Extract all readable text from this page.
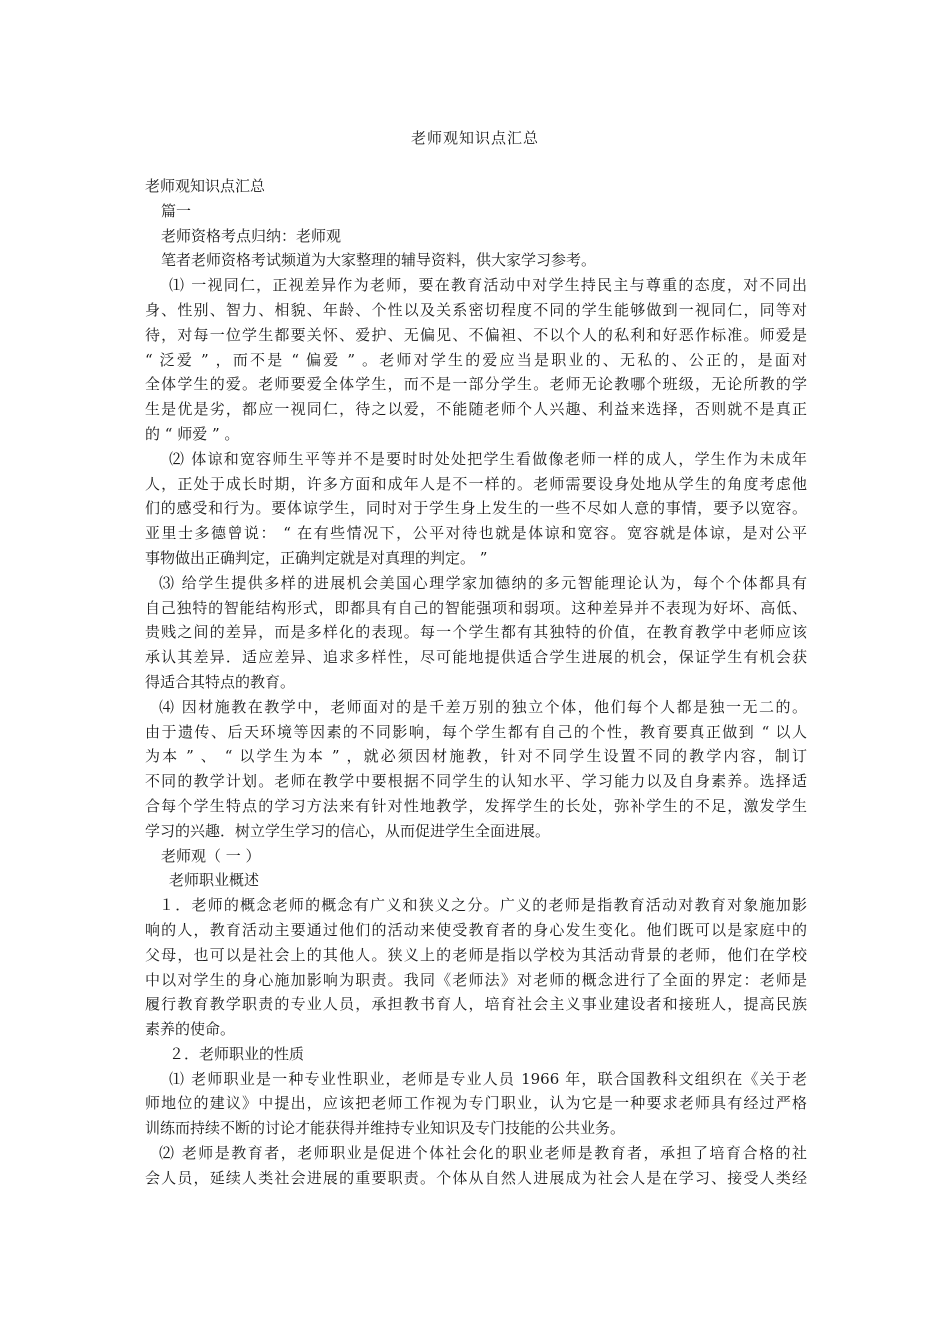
老师观知识点汇总
老师观知识点汇总
篇一
老师资格考点归纳：老师观
笔者老师资格考试频道为大家整理的辅导资料，供大家学习参考。
⑴ 一视同仁，正视差异作为老师，要在教育活动中对学生持民主与尊重的态度，对不同出
身、性别、智力、相貌、年龄、个性以及关系密切程度不同的学生能够做到一视同仁，同等对
待，对每一位学生都要关怀、爱护、无偏见、不偏袒、不以个人的私利和好恶作标准。师爱是
“ 泛爱 ” ，而不是 “ 偏爱 ” 。老师对学生的爱应当是职业的、无私的、公正的，是面对
全体学生的爱。老师要爱全体学生，而不是一部分学生。老师无论教哪个班级，无论所教的学
生是优是劣，都应一视同仁，待之以爱，不能随老师个人兴趣、利益来选择，否则就不是真正
的 “ 师爱 ” 。
⑵ 体谅和宽容师生平等并不是要时时处处把学生看做像老师一样的成人，学生作为未成年
人，正处于成长时期，许多方面和成年人是不一样的。老师需要设身处地从学生的角度考虑他
们的感受和行为。要体谅学生，同时对于学生身上发生的一些不尽如人意的事情，要予以宽容。
亚里士多德曾说： “ 在有些情况下，公平对待也就是体谅和宽容。宽容就是体谅，是对公平
事物做出正确判定，正确判定就是对真理的判定。 ”
⑶ 给学生提供多样的进展机会美国心理学家加德纳的多元智能理论认为，每个个体都具有
自己独特的智能结构形式，即都具有自己的智能强项和弱项。这种差异并不表现为好坏、高低、
贵贱之间的差异，而是多样化的表现。每一个学生都有其独特的价值，在教育教学中老师应该
承认其差异．适应差异、追求多样性，尽可能地提供适合学生进展的机会，保证学生有机会获
得适合其特点的教育。
⑷ 因材施教在教学中，老师面对的是千差万别的独立个体，他们每个人都是独一无二的。
由于遗传、后天环境等因素的不同影响，每个学生都有自己的个性，教育要真正做到 “ 以人
为本 ” 、 “ 以学生为本 ” ，就必须因材施教，针对不同学生设置不同的教学内容，制订
不同的教学计划。老师在教学中要根据不同学生的认知水平、学习能力以及自身素养。选择适
合每个学生特点的学习方法来有针对性地教学，发挥学生的长处，弥补学生的不足，激发学生
学习的兴趣．树立学生学习的信心，从而促进学生全面进展。
老师观（ 一 ）
老师职业概述
１．老师的概念老师的概念有广义和狭义之分。广义的老师是指教育活动对教育对象施加影
响的人，教育活动主要通过他们的活动来使受教育者的身心发生变化。他们既可以是家庭中的
父母，也可以是社会上的其他人。狭义上的老师是指以学校为其活动背景的老师，他们在学校
中以对学生的身心施加影响为职责。我同《老师法》对老师的概念进行了全面的界定：老师是
履行教育教学职责的专业人员，承担教书育人，培育社会主义事业建设者和接班人，提高民族
素养的使命。
２．老师职业的性质
⑴ 老师职业是一种专业性职业，老师是专业人员 1966 年，联合国教科文组织在《关于老
师地位的建议》中提出，应该把老师工作视为专门职业，认为它是一种要求老师具有经过严格
训练而持续不断的讨论才能获得并维持专业知识及专门技能的公共业务。
⑵ 老师是教育者，老师职业是促进个体社会化的职业老师是教育者，承担了培育合格的社
会人员，延续人类社会进展的重要职责。个体从自然人进展成为社会人是在学习、接受人类经
